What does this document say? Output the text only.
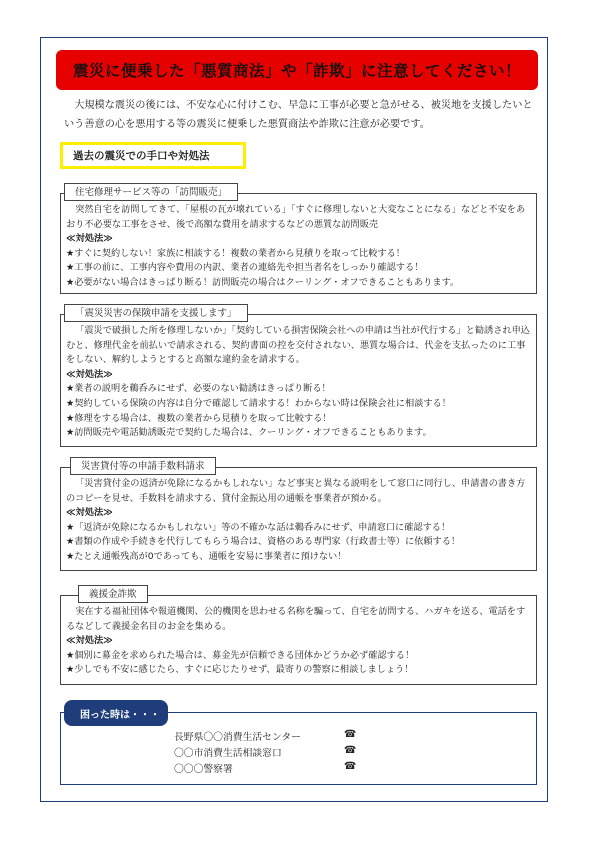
震災に便乗した「悪質商法」や「詐欺」に注意してください！

大規模な震災の後には、不安な心に付けこむ、早急に工事が必要と急がせる、被災地を支援したいという善意の心を悪用する等の震災に便乗した悪質商法や詐欺に注意が必要です。

過去の震災での手口や対処法
住宅修理サービス等の「訪問販売」

突然自宅を訪問してきて、「屋根の瓦が壊れている」「すぐに修理しないと大変なことになる」などと不安をあおり不必要な工事をさせ、後で高額な費用を請求するなどの悪質な訪問販売

≪対処法≫

★すぐに契約しない！家族に相談する！複数の業者から見積りを取って比較する！

★工事の前に、工事内容や費用の内訳、業者の連絡先や担当者名をしっかり確認する！

★必要がない場合はきっぱり断る！訪問販売の場合はクーリング・オフできることもあります。

「震災災害の保険申請を支援します」

「震災で破損した所を修理しないか」「契約している損害保険会社への申請は当社が代行する」と勧誘され申込むと、修理代金を前払いで請求される、契約書面の控を交付されない、悪質な場合は、代金を支払ったのに工事をしない、解約しようとすると高額な違約金を請求する。

≪対処法≫

★業者の説明を鵜呑みにせず、必要のない勧誘はきっぱり断る！

★契約している保険の内容は自分で確認して請求する！わからない時は保険会社に相談する！

★修理をする場合は、複数の業者から見積りを取って比較する！

★訪問販売や電話勧誘販売で契約した場合は、クーリング・オフできることもあります。

災害貸付等の申請手数料請求

「災害貸付金の返済が免除になるかもしれない」など事実と異なる説明をして窓口に同行し、申請書の書き方のコピーを見せ、手数料を請求する、貸付金振込用の通帳を事業者が預かる。

≪対処法≫

★「返済が免除になるかもしれない」等の不確かな話は鵜呑みにせず、申請窓口に確認する！

★書類の作成や手続きを代行してもらう場合は、資格のある専門家（行政書士等）に依頼する！

★たとえ通帳残高が0であっても、通帳を安易に事業者に預けない！

義援金詐欺

実在する福祉団体や報道機関、公的機関を思わせる名称を騙って、自宅を訪問する、ハガキを送る、電話をするなどして義援金名目のお金を集める。

≪対処法≫

★個別に募金を求められた場合は、募金先が信頼できる団体かどうか必ず確認する！

★少しでも不安に感じたら、すぐに応じたりせず、最寄りの警察に相談しましょう！

困った時は・・・
長野県〇〇消費生活センター	☎
〇〇市消費生活相談窓口	☎
〇〇〇警察署	☎
